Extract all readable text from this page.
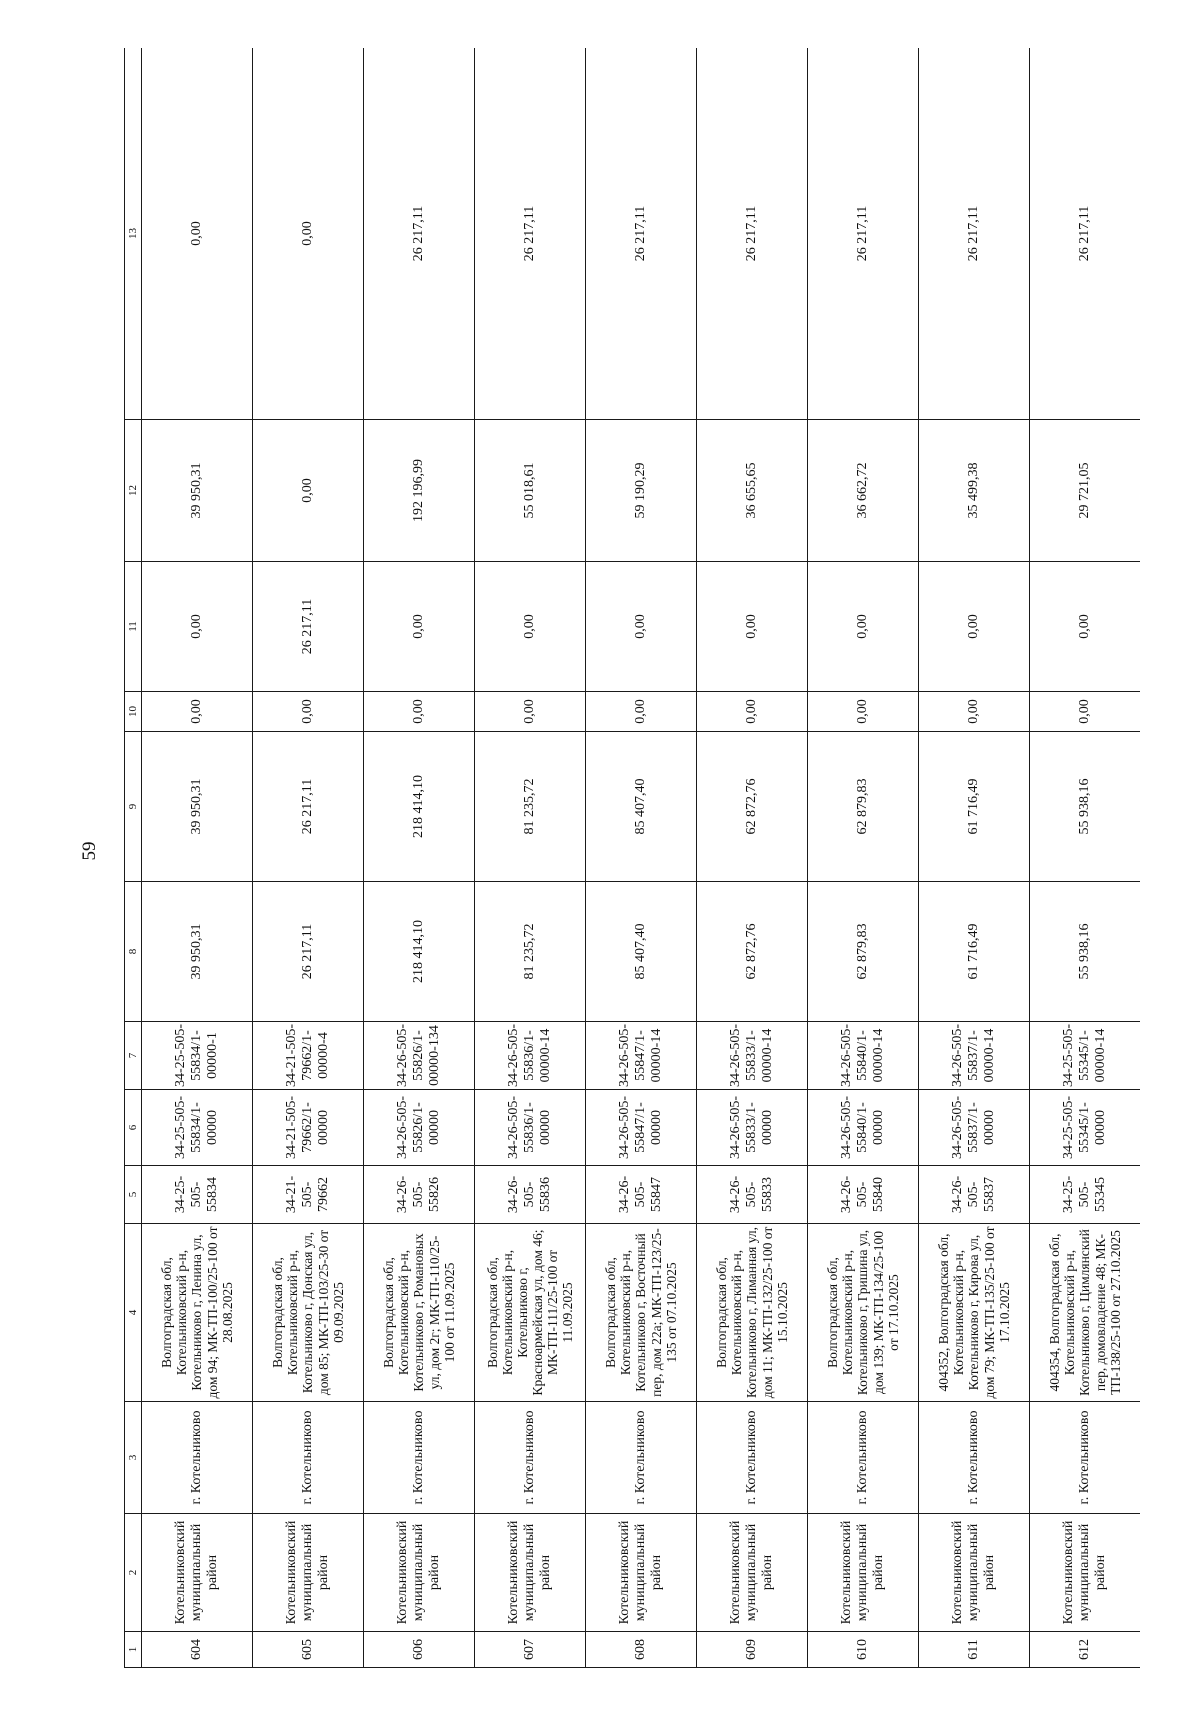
59
1	2	3	4	5	6	7	8	9	10	11	12	13
604	Котельниковский муниципальный район	г. Котельниково	Волгоградская обл, Котельниковский р-н, Котельниково г, Ленина ул, дом 94; МК-ТП-100/25-100 от 28.08.2025	34-25-505-55834	34-25-505-55834/1-00000	34-25-505-55834/1-00000-1	39 950,31	39 950,31	0,00	0,00	39 950,31	0,00
605	Котельниковский муниципальный район	г. Котельниково	Волгоградская обл, Котельниковский р-н, Котельниково г, Донская ул, дом 85; МК-ТП-103/25-30 от 09.09.2025	34-21-505-79662	34-21-505-79662/1-00000	34-21-505-79662/1-00000-4	26 217,11	26 217,11	0,00	26 217,11	0,00	0,00
606	Котельниковский муниципальный район	г. Котельниково	Волгоградская обл, Котельниковский р-н, Котельниково г, Романовых ул, дом 2г; МК-ТП-110/25-100 от 11.09.2025	34-26-505-55826	34-26-505-55826/1-00000	34-26-505-55826/1-00000-134	218 414,10	218 414,10	0,00	0,00	192 196,99	26 217,11
607	Котельниковский муниципальный район	г. Котельниково	Волгоградская обл, Котельниковский р-н, Котельниково г, Красноармейская ул, дом 46; МК-ТП-111/25-100 от 11.09.2025	34-26-505-55836	34-26-505-55836/1-00000	34-26-505-55836/1-00000-14	81 235,72	81 235,72	0,00	0,00	55 018,61	26 217,11
608	Котельниковский муниципальный район	г. Котельниково	Волгоградская обл, Котельниковский р-н, Котельниково г, Восточный пер, дом 22а; МК-ТП-123/25-135 от 07.10.2025	34-26-505-55847	34-26-505-55847/1-00000	34-26-505-55847/1-00000-14	85 407,40	85 407,40	0,00	0,00	59 190,29	26 217,11
609	Котельниковский муниципальный район	г. Котельниково	Волгоградская обл, Котельниковский р-н, Котельниково г, Лиманная ул, дом 11; МК-ТП-132/25-100 от 15.10.2025	34-26-505-55833	34-26-505-55833/1-00000	34-26-505-55833/1-00000-14	62 872,76	62 872,76	0,00	0,00	36 655,65	26 217,11
610	Котельниковский муниципальный район	г. Котельниково	Волгоградская обл, Котельниковский р-н, Котельниково г, Гришина ул, дом 139; МК-ТП-134/25-100 от 17.10.2025	34-26-505-55840	34-26-505-55840/1-00000	34-26-505-55840/1-00000-14	62 879,83	62 879,83	0,00	0,00	36 662,72	26 217,11
611	Котельниковский муниципальный район	г. Котельниково	404352, Волгоградская обл, Котельниковский р-н, Котельниково г, Кирова ул, дом 79; МК-ТП-135/25-100 от 17.10.2025	34-26-505-55837	34-26-505-55837/1-00000	34-26-505-55837/1-00000-14	61 716,49	61 716,49	0,00	0,00	35 499,38	26 217,11
612	Котельниковский муниципальный район	г. Котельниково	404354, Волгоградская обл, Котельниковский р-н, Котельниково г, Цимлянский пер, домовладение 48; МК-ТП-138/25-100 от 27.10.2025	34-25-505-55345	34-25-505-55345/1-00000	34-25-505-55345/1-00000-14	55 938,16	55 938,16	0,00	0,00	29 721,05	26 217,11
